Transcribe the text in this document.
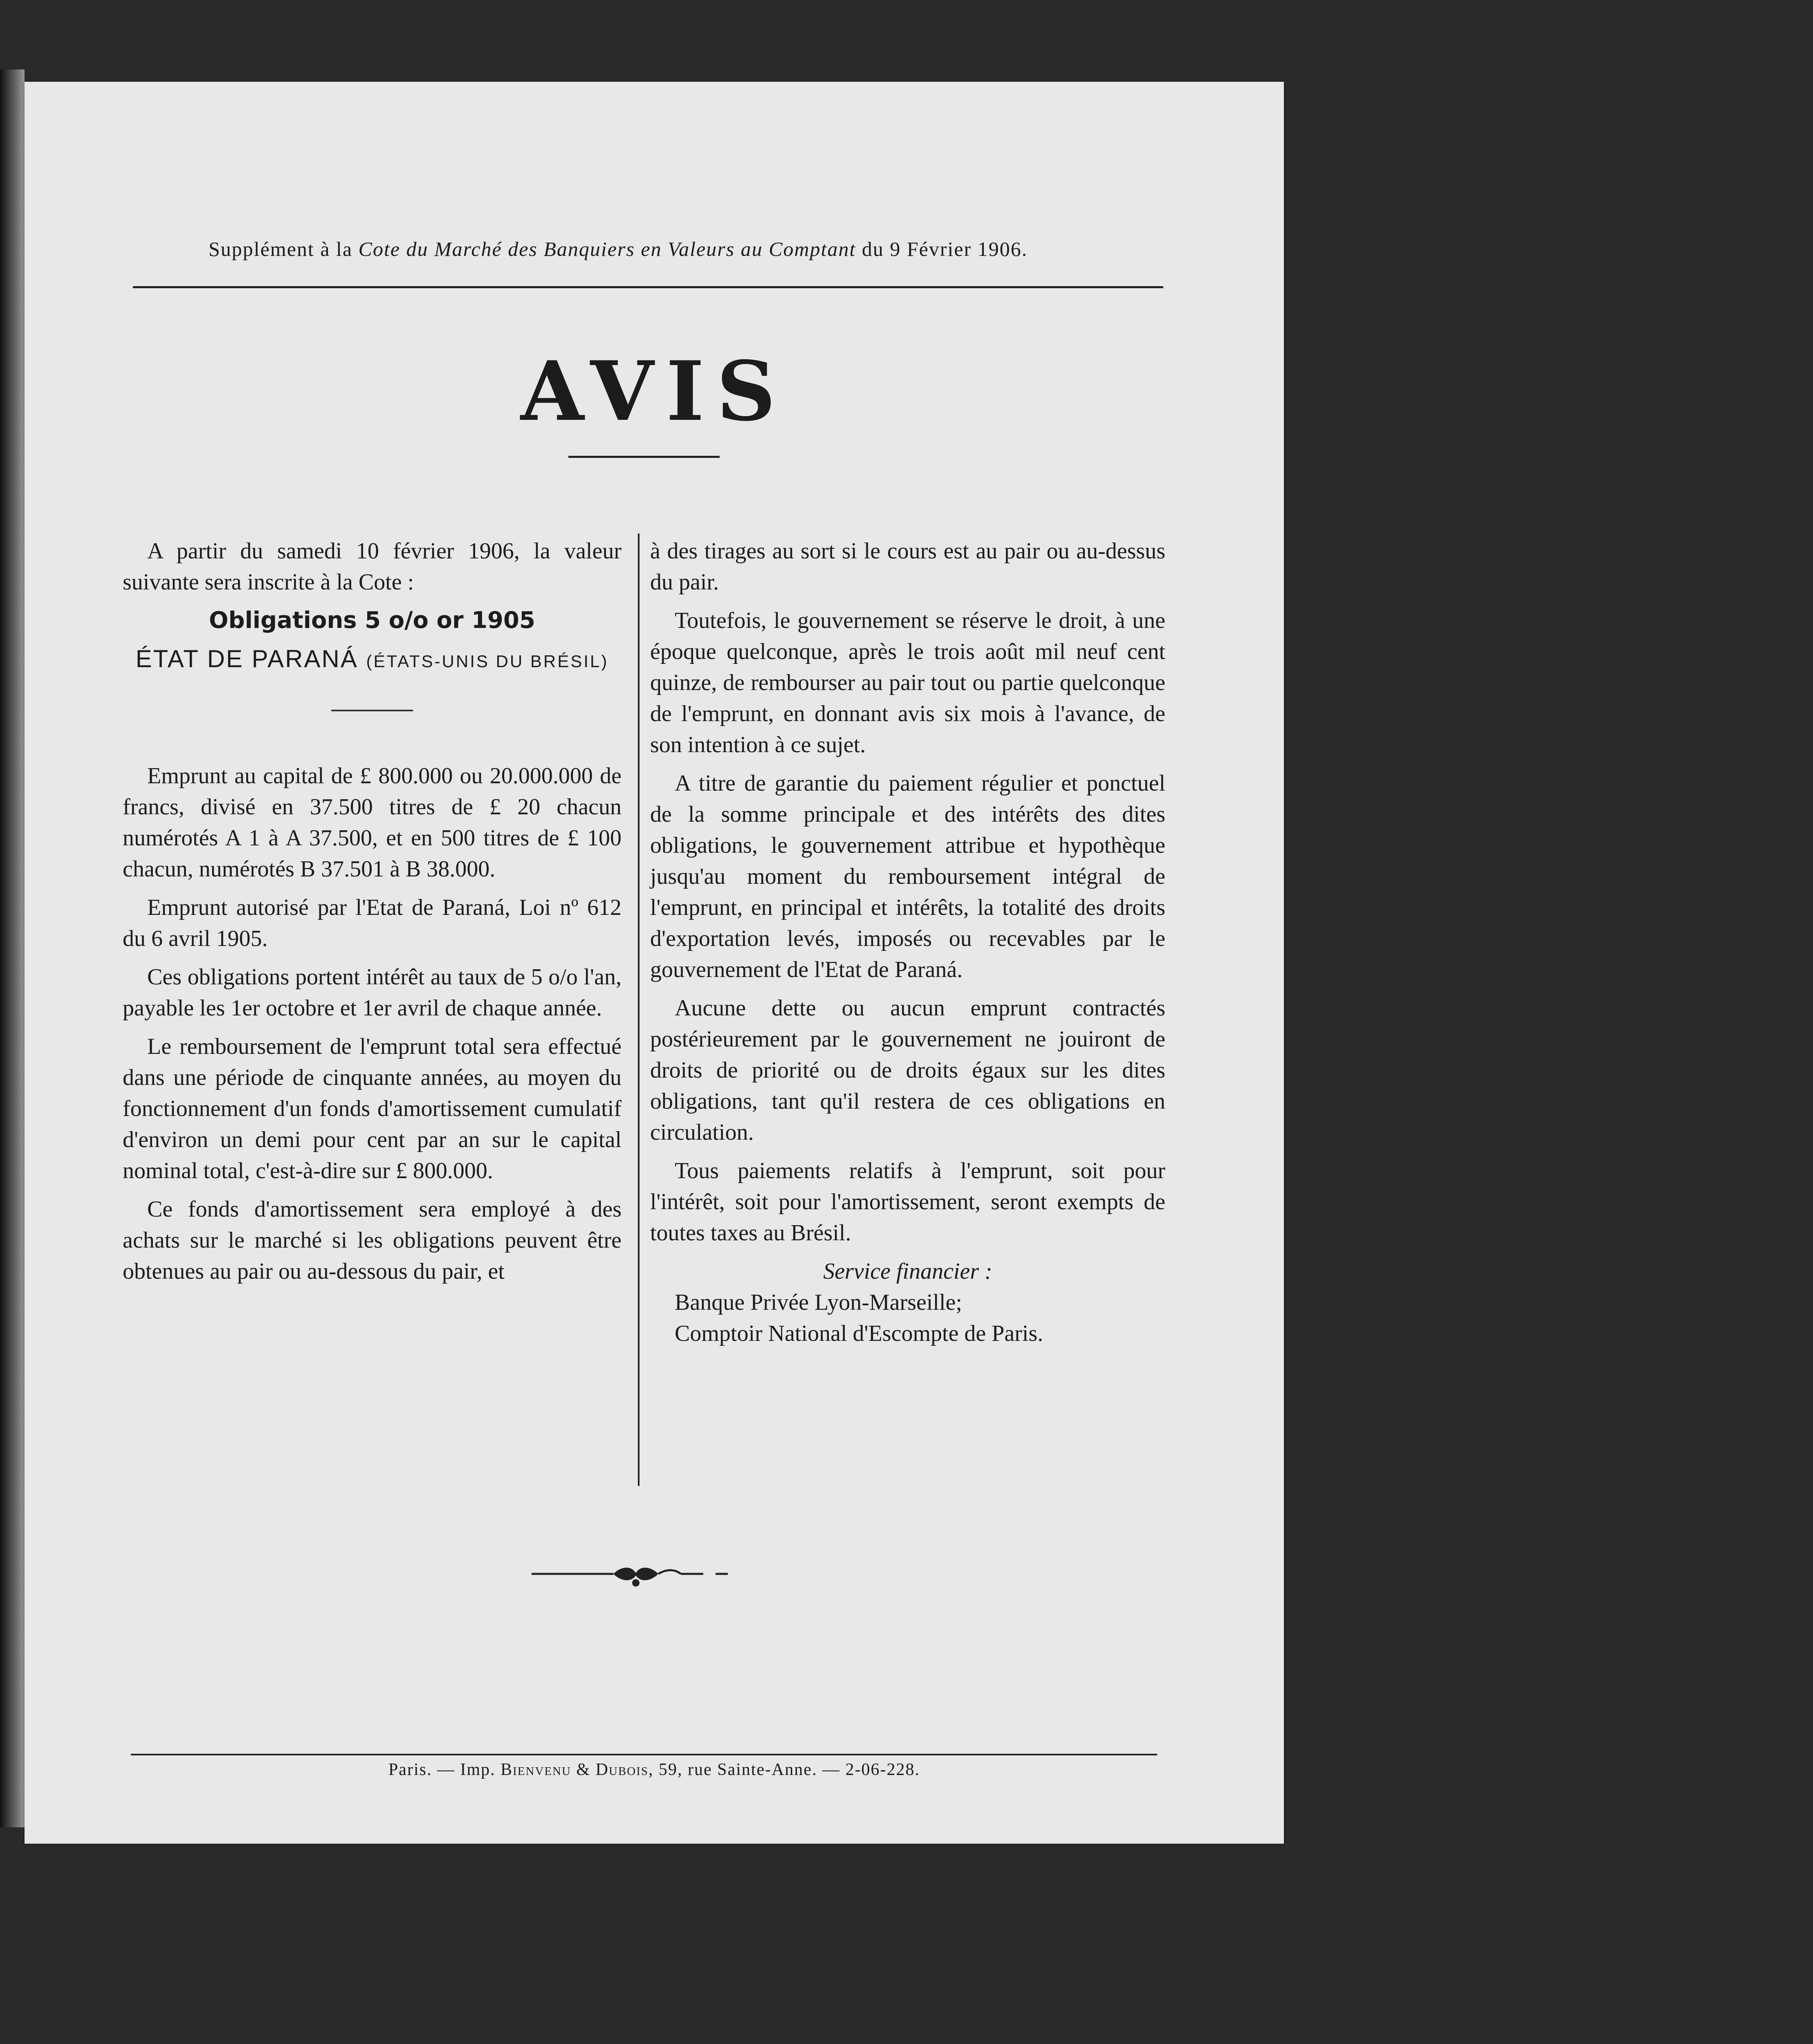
Supplément à la Cote du Marché des Banquiers en Valeurs au Comptant du 9 Février 1906.
AVIS

A partir du samedi 10 février 1906, la valeur suivante sera inscrite à la Cote :

Obligations 5 o/o or 1905

ÉTAT DE PARANÁ (ÉTATS-UNIS DU BRÉSIL)

Emprunt au capital de £ 800.000 ou 20.000.000 de francs, divisé en 37.500 titres de £ 20 chacun numérotés A 1 à A 37.500, et en 500 titres de £ 100 chacun, numérotés B 37.501 à B 38.000.

Emprunt autorisé par l'Etat de Paraná, Loi nº 612 du 6 avril 1905.

Ces obligations portent intérêt au taux de 5 o/o l'an, payable les 1er octobre et 1er avril de chaque année.

Le remboursement de l'emprunt total sera effectué dans une période de cinquante années, au moyen du fonctionnement d'un fonds d'amortissement cumulatif d'environ un demi pour cent par an sur le capital nominal total, c'est-à-dire sur £ 800.000.

Ce fonds d'amortissement sera employé à des achats sur le marché si les obligations peuvent être obtenues au pair ou au-dessous du pair, et

à des tirages au sort si le cours est au pair ou au-dessus du pair.

Toutefois, le gouvernement se réserve le droit, à une époque quelconque, après le trois août mil neuf cent quinze, de rembourser au pair tout ou partie quelconque de l'emprunt, en donnant avis six mois à l'avance, de son intention à ce sujet.

A titre de garantie du paiement régulier et ponctuel de la somme principale et des intérêts des dites obligations, le gouvernement attribue et hypothèque jusqu'au moment du remboursement intégral de l'emprunt, en principal et intérêts, la totalité des droits d'exportation levés, imposés ou recevables par le gouvernement de l'Etat de Paraná.

Aucune dette ou aucun emprunt contractés postérieurement par le gouvernement ne jouiront de droits de priorité ou de droits égaux sur les dites obligations, tant qu'il restera de ces obligations en circulation.

Tous paiements relatifs à l'emprunt, soit pour l'intérêt, soit pour l'amortissement, seront exempts de toutes taxes au Brésil.

Service financier :

Banque Privée Lyon-Marseille;

Comptoir National d'Escompte de Paris.

Paris. — Imp. Bienvenu & Dubois, 59, rue Sainte-Anne. — 2-06-228.
